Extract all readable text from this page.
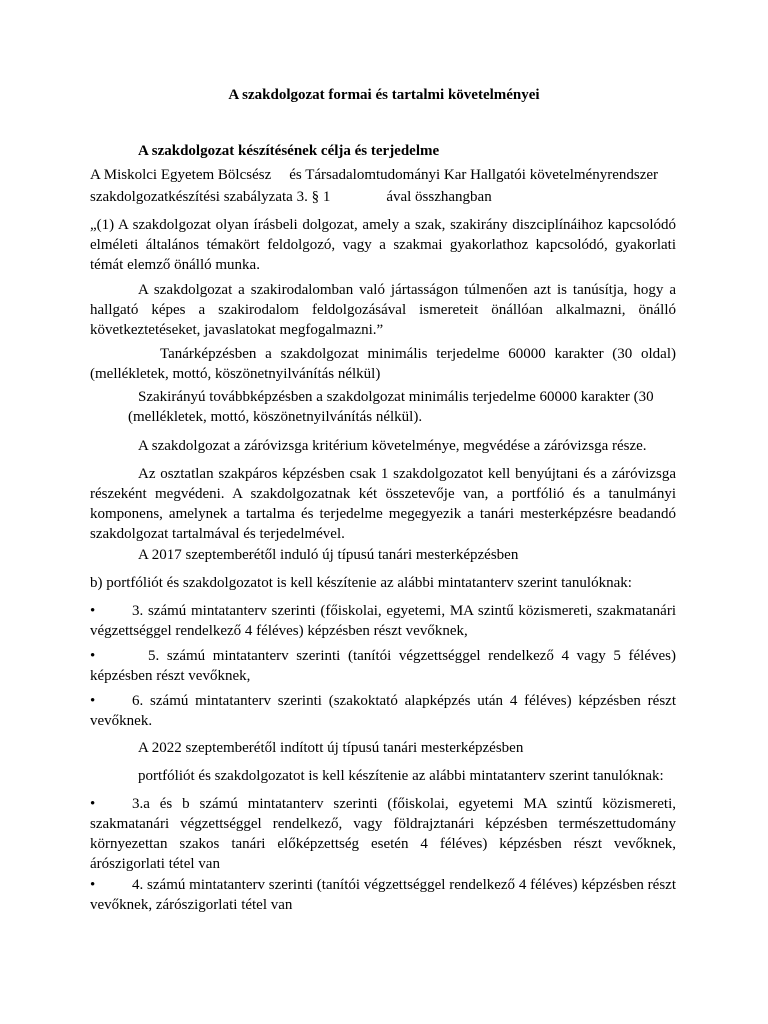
A szakdolgozat formai és tartalmi követelményei
A szakdolgozat készítésének célja és terjedelme
A Miskolci Egyetem Bölcsész és Társadalomtudományi Kar Hallgatói követelményrendszer
szakdolgozatkészítési szabályzata 3. § 1	ával összhangban

„(1) A szakdolgozat olyan írásbeli dolgozat, amely a szak, szakirány diszciplínáihoz kapcsolódó elméleti általános témakört feldolgozó, vagy a szakmai gyakorlathoz kapcsolódó, gyakorlati témát elemző önálló munka.

A szakdolgozat a szakirodalomban való jártasságon túlmenően azt is tanúsítja, hogy a hallgató képes a szakirodalom feldolgozásával ismereteit önállóan alkalmazni, önálló következtetéseket, javaslatokat megfogalmazni.”

Tanárképzésben a szakdolgozat minimális terjedelme 60000 karakter (30 oldal) (mellékletek, mottó, köszönetnyilvánítás nélkül)

Szakirányú továbbképzésben a szakdolgozat minimális terjedelme 60000 karakter (30
(mellékletek, mottó, köszönetnyilvánítás nélkül).

A szakdolgozat a záróvizsga kritérium követelménye, megvédése a záróvizsga része.

Az osztatlan szakpáros képzésben csak 1 szakdolgozatot kell benyújtani és a záróvizsga részeként megvédeni. A szakdolgozatnak két összetevője van, a portfólió és a tanulmányi komponens, amelynek a tartalma és terjedelme megegyezik a tanári mesterképzésre beadandó szakdolgozat tartalmával és terjedelmével.

A 2017 szeptemberétől induló új típusú tanári mesterképzésben

b) portfóliót és szakdolgozatot is kell készítenie az alábbi mintatanterv szerint tanulóknak:

• 3. számú mintatanterv szerinti (főiskolai, egyetemi, MA szintű közismereti, szakmatanári végzettséggel rendelkező 4 féléves) képzésben részt vevőknek,

•	5. számú mintatanterv szerinti (tanítói végzettséggel rendelkező 4 vagy 5 féléves) képzésben részt vevőknek,

• 6. számú mintatanterv szerinti (szakoktató alapképzés után 4 féléves) képzésben részt vevőknek.

A 2022 szeptemberétől indított új típusú tanári mesterképzésben

portfóliót és szakdolgozatot is kell készítenie az alábbi mintatanterv szerint tanulóknak:

• 3.a és b számú mintatanterv szerinti (főiskolai, egyetemi MA szintű közismereti, szakmatanári végzettséggel rendelkező, vagy földrajztanári képzésben természettudomány környezettan szakos tanári előképzettség esetén 4 féléves) képzésben részt vevőknek, árószigorlati tétel van

• 4. számú mintatanterv szerinti (tanítói végzettséggel rendelkező 4 féléves) képzésben részt vevőknek, zárószigorlati tétel van
